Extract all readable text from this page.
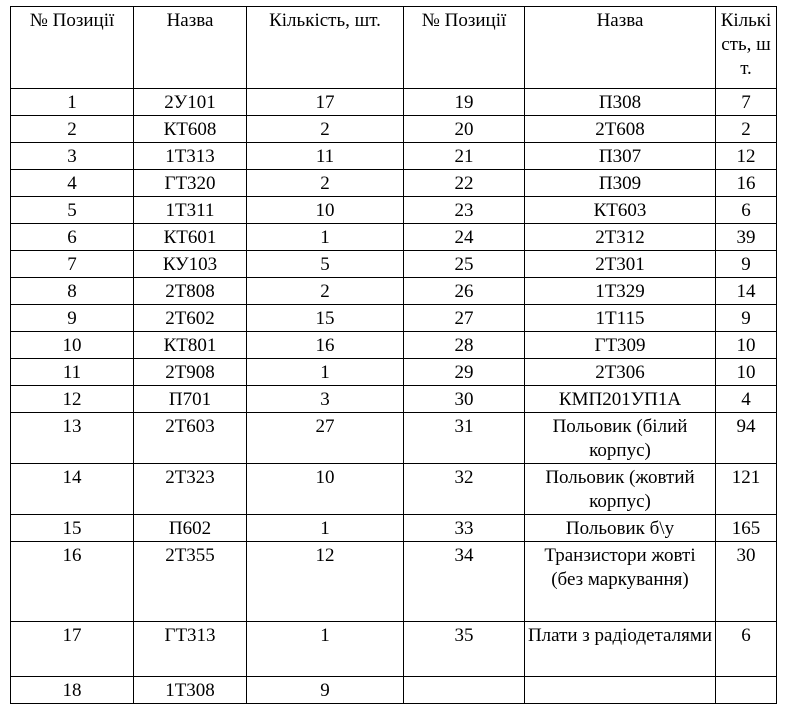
№ Позиції	Назва	Кількість, шт.	№ Позиції	Назва	Кількість, шт.
1	2У101	17	19	П308	7
2	КТ608	2	20	2Т608	2
3	1Т313	11	21	П307	12
4	ГТ320	2	22	П309	16
5	1Т311	10	23	КТ603	6
6	КТ601	1	24	2Т312	39
7	КУ103	5	25	2Т301	9
8	2Т808	2	26	1Т329	14
9	2Т602	15	27	1Т115	9
10	КТ801	16	28	ГТ309	10
11	2Т908	1	29	2Т306	10
12	П701	3	30	КМП201УП1А	4
13	2Т603	27	31	Польовик (білий корпус)	94
14	2Т323	10	32	Польовик (жовтий корпус)	121
15	П602	1	33	Польовик б\у	165
16	2Т355	12	34	Транзистори жовті (без маркування)	30
17	ГТ313	1	35	Плати з радіодеталями	6
18	1Т308	9			
